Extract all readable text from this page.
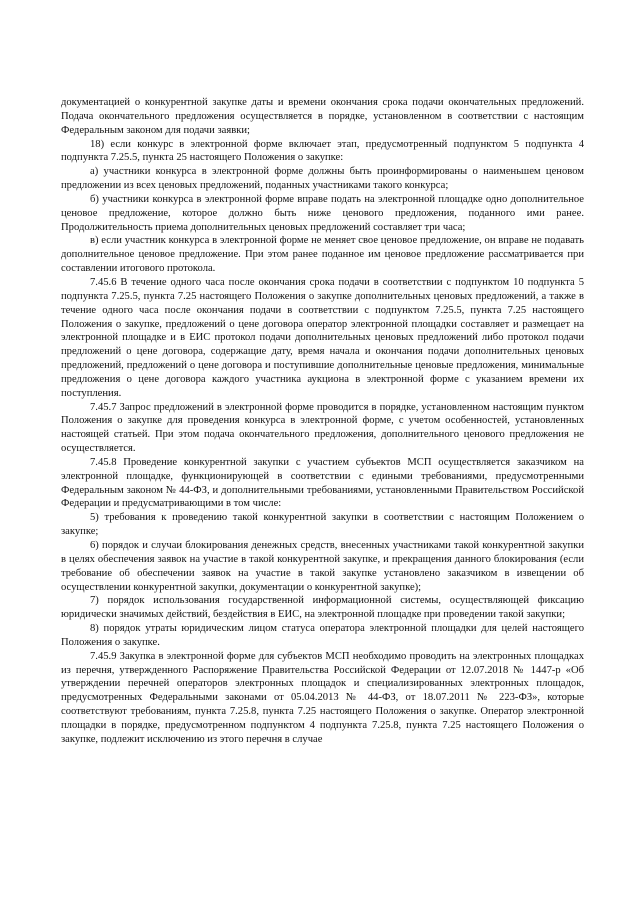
документацией о конкурентной закупке даты и времени окончания срока подачи окончательных предложений. Подача окончательного предложения осуществляется в порядке, установленном в соответствии с настоящим Федеральным законом для подачи заявки;

18) если конкурс в электронной форме включает этап, предусмотренный подпунктом 5 подпункта 4 подпункта 7.25.5, пункта 25 настоящего Положения о закупке:

а) участники конкурса в электронной форме должны быть проинформированы о наименьшем ценовом предложении из всех ценовых предложений, поданных участниками такого конкурса;

б) участники конкурса в электронной форме вправе подать на электронной площадке одно дополнительное ценовое предложение, которое должно быть ниже ценового предложения, поданного ими ранее. Продолжительность приема дополнительных ценовых предложений составляет три часа;

в) если участник конкурса в электронной форме не меняет свое ценовое предложение, он вправе не подавать дополнительное ценовое предложение. При этом ранее поданное им ценовое предложение рассматривается при составлении итогового протокола.

7.45.6 В течение одного часа после окончания срока подачи в соответствии с подпунктом 10 подпункта 5 подпункта 7.25.5, пункта 7.25 настоящего Положения о закупке дополнительных ценовых предложений, а также в течение одного часа после окончания подачи в соответствии с подпунктом 7.25.5, пункта 7.25 настоящего Положения о закупке, предложений о цене договора оператор электронной площадки составляет и размещает на электронной площадке и в ЕИС протокол подачи дополнительных ценовых предложений либо протокол подачи предложений о цене договора, содержащие дату, время начала и окончания подачи дополнительных ценовых предложений, предложений о цене договора и поступившие дополнительные ценовые предложения, минимальные предложения о цене договора каждого участника аукциона в электронной форме с указанием времени их поступления.

7.45.7 Запрос предложений в электронной форме проводится в порядке, установленном настоящим пунктом Положения о закупке для проведения конкурса в электронной форме, с учетом особенностей, установленных настоящей статьей. При этом подача окончательного предложения, дополнительного ценового предложения не осуществляется.

7.45.8 Проведение конкурентной закупки с участием субъектов МСП осуществляется заказчиком на электронной площадке, функционирующей в соответствии с едиными требованиями, предусмотренными Федеральным законом № 44-ФЗ, и дополнительными требованиями, установленными Правительством Российской Федерации и предусматривающими в том числе:

5) требования к проведению такой конкурентной закупки в соответствии с настоящим Положением о закупке;

6) порядок и случаи блокирования денежных средств, внесенных участниками такой конкурентной закупки в целях обеспечения заявок на участие в такой конкурентной закупке, и прекращения данного блокирования (если требование об обеспечении заявок на участие в такой закупке установлено заказчиком в извещении об осуществлении конкурентной закупки, документации о конкурентной закупке);

7) порядок использования государственной информационной системы, осуществляющей фиксацию юридически значимых действий, бездействия в ЕИС, на электронной площадке при проведении такой закупки;

8) порядок утраты юридическим лицом статуса оператора электронной площадки для целей настоящего Положения о закупке.

7.45.9 Закупка в электронной форме для субъектов МСП необходимо проводить на электронных площадках из перечня, утвержденного Распоряжение Правительства Российской Федерации от 12.07.2018 № 1447-р «Об утверждении перечней операторов электронных площадок и специализированных электронных площадок, предусмотренных Федеральными законами от 05.04.2013 № 44-ФЗ, от 18.07.2011 № 223-ФЗ», которые соответствуют требованиям, пункта 7.25.8, пункта 7.25 настоящего Положения о закупке. Оператор электронной площадки в порядке, предусмотренном подпунктом 4 подпункта 7.25.8, пункта 7.25 настоящего Положения о закупке, подлежит исключению из этого перечня в случае
